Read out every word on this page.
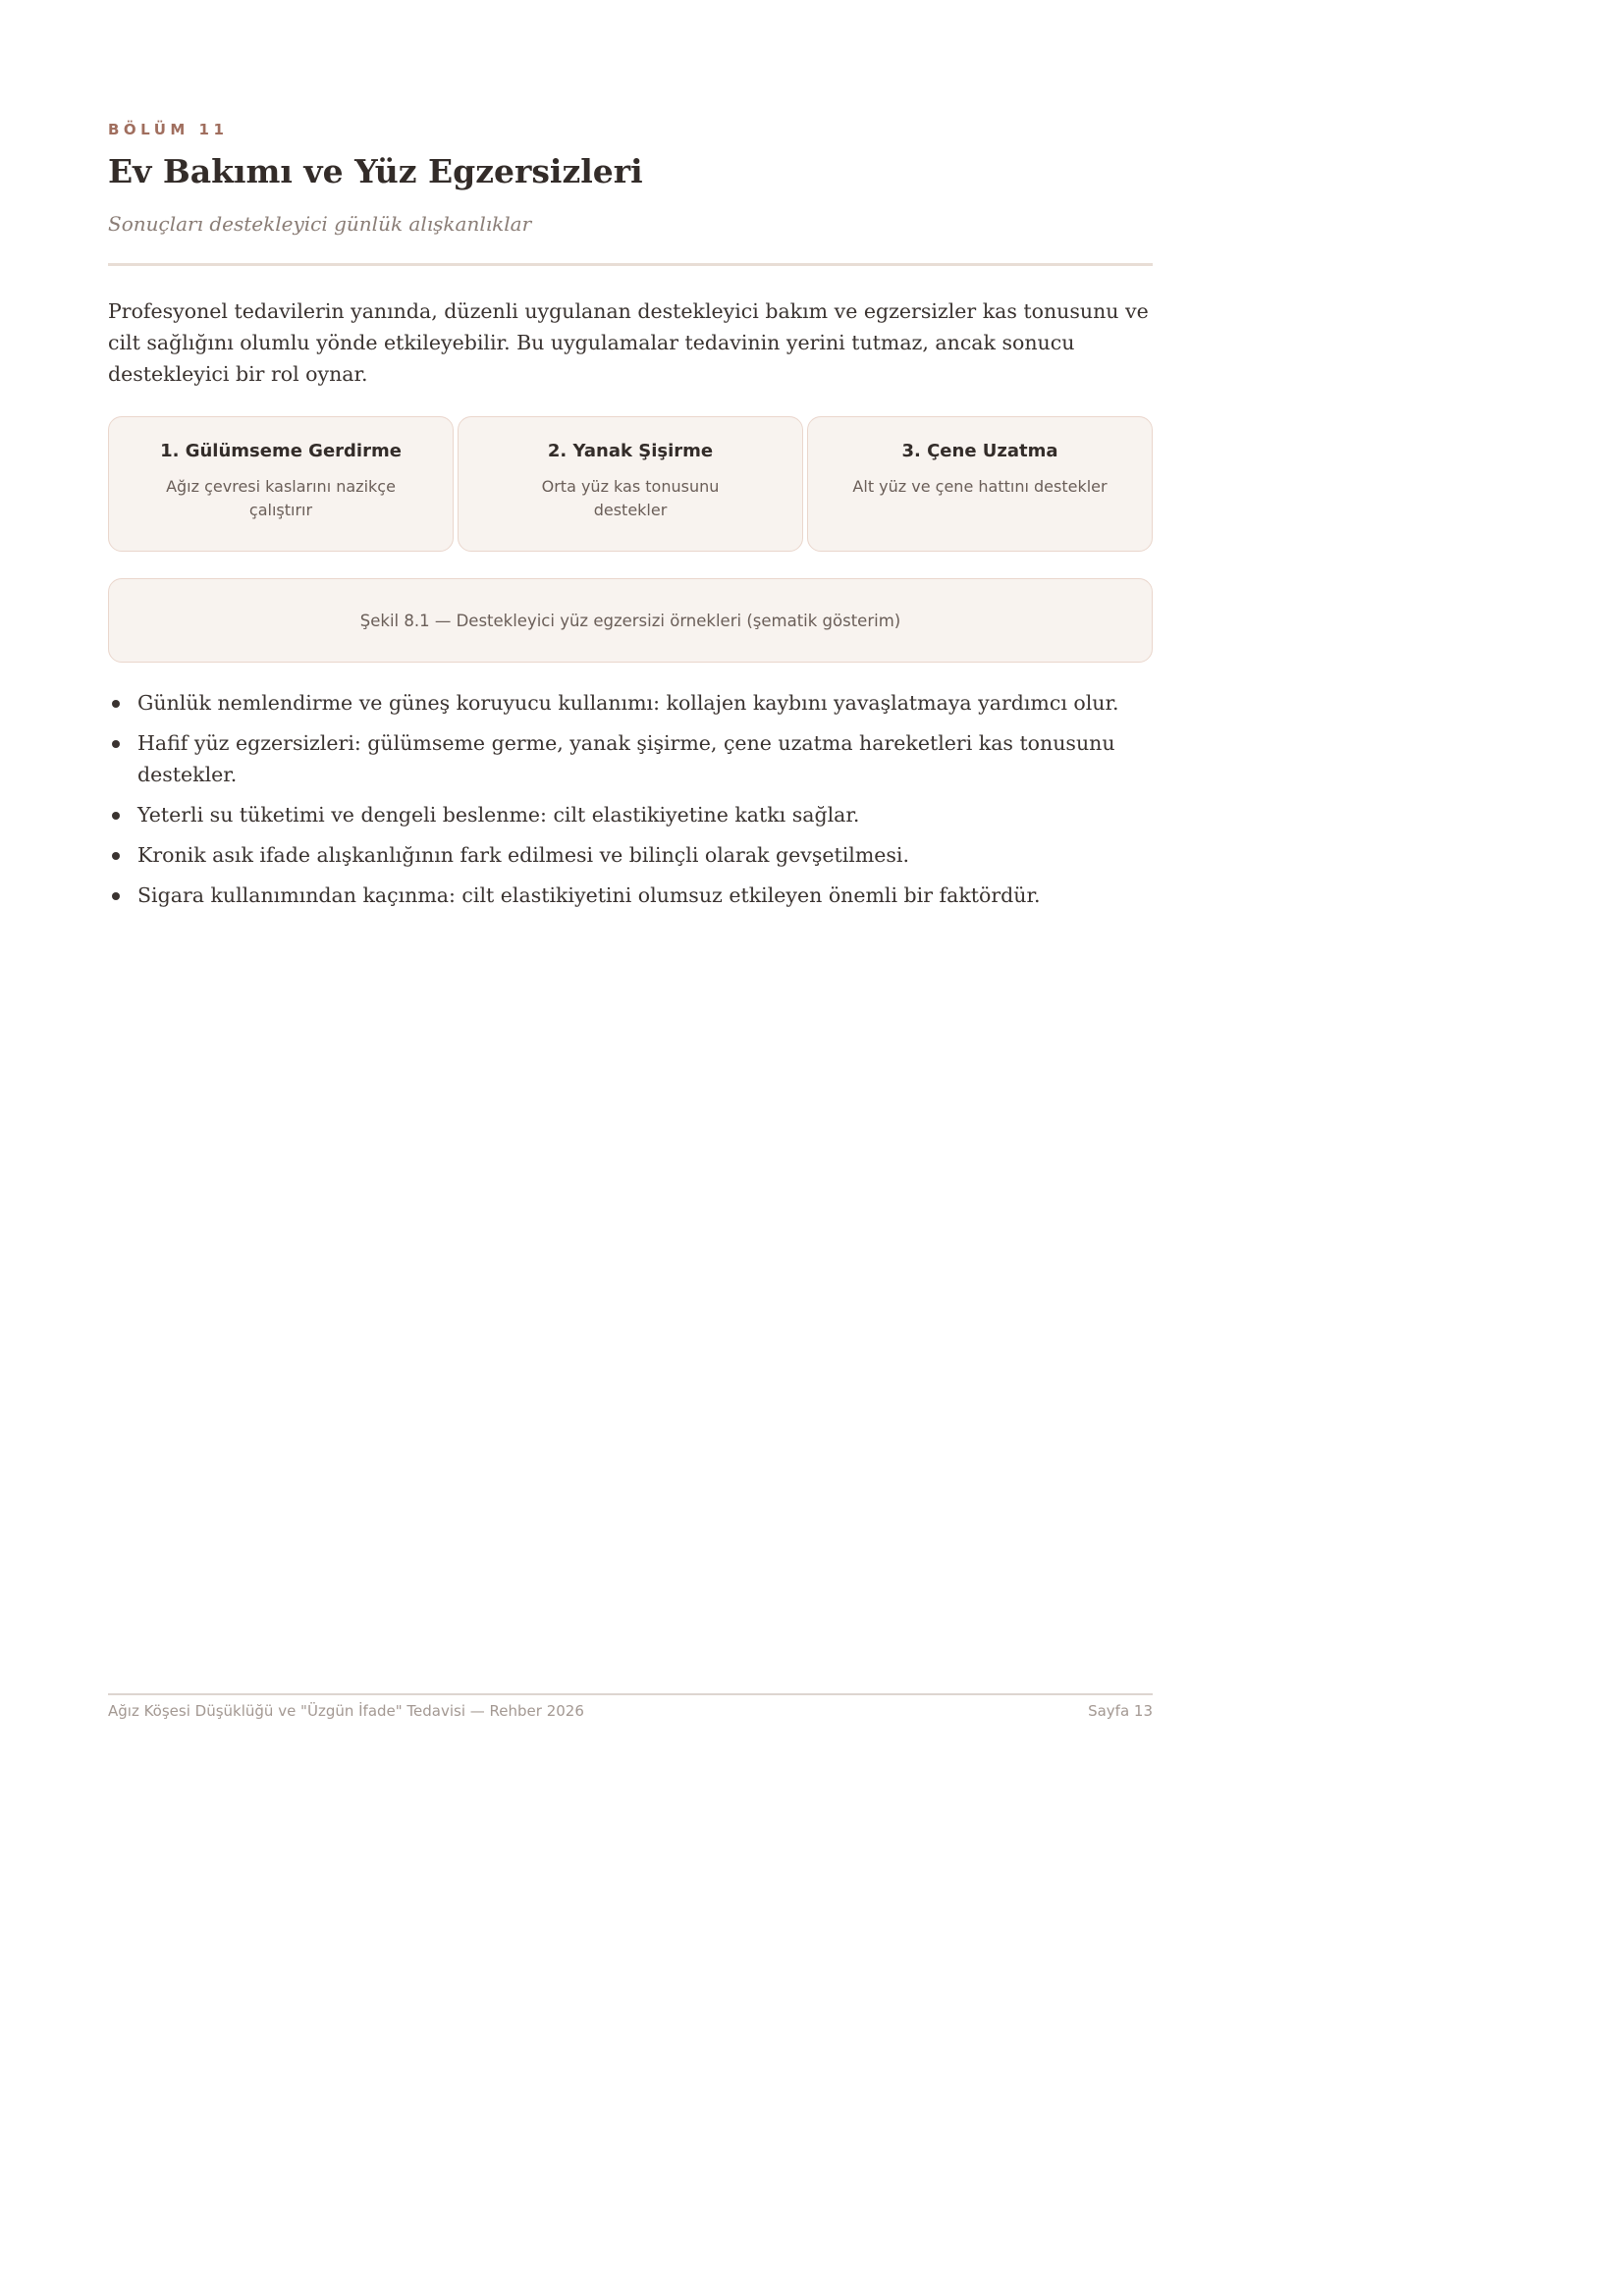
BÖLÜM 11
Ev Bakımı ve Yüz Egzersizleri
Sonuçları destekleyici günlük alışkanlıklar

Profesyonel tedavilerin yanında, düzenli uygulanan destekleyici bakım ve egzersizler kas tonusunu ve cilt sağlığını olumlu yönde etkileyebilir. Bu uygulamalar tedavinin yerini tutmaz, ancak sonucu destekleyici bir rol oynar.

1. Gülümseme Gerdirme
Ağız çevresi kaslarını nazikçe çalıştırır
2. Yanak Şişirme
Orta yüz kas tonusunu destekler
3. Çene Uzatma
Alt yüz ve çene hattını destekler
Şekil 8.1 — Destekleyici yüz egzersizi örnekleri (şematik gösterim)
Günlük nemlendirme ve güneş koruyucu kullanımı: kollajen kaybını yavaşlatmaya yardımcı olur.
Hafif yüz egzersizleri: gülümseme germe, yanak şişirme, çene uzatma hareketleri kas tonusunu destekler.
Yeterli su tüketimi ve dengeli beslenme: cilt elastikiyetine katkı sağlar.
Kronik asık ifade alışkanlığının fark edilmesi ve bilinçli olarak gevşetilmesi.
Sigara kullanımından kaçınma: cilt elastikiyetini olumsuz etkileyen önemli bir faktördür.
Ağız Köşesi Düşüklüğü ve "Üzgün İfade" Tedavisi — Rehber 2026	Sayfa 13
